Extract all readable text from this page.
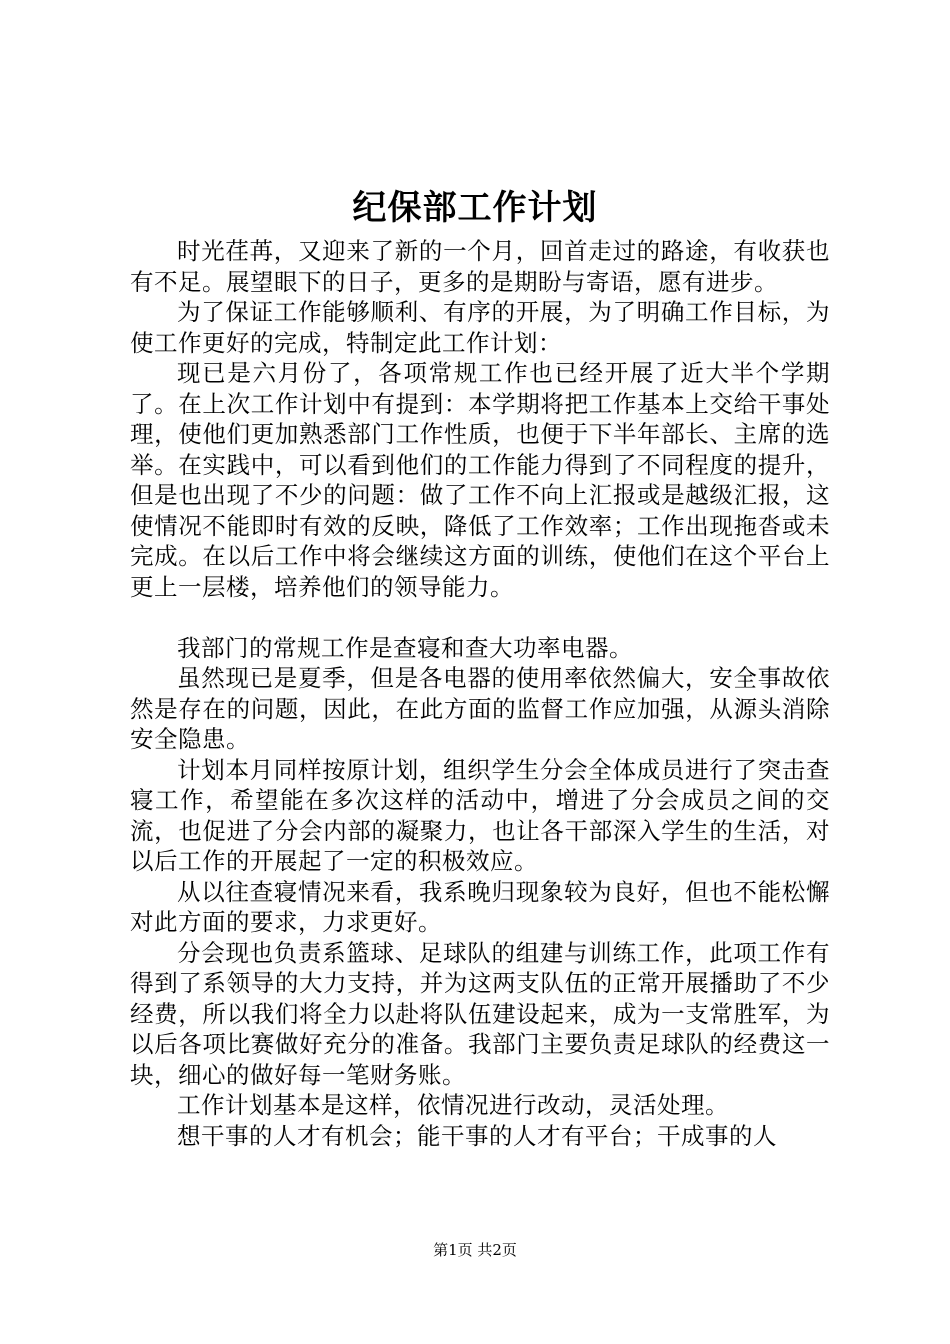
纪保部工作计划

时光荏苒，又迎来了新的一个月，回首走过的路途，有收获也有不足。展望眼下的日子，更多的是期盼与寄语，愿有进步。

为了保证工作能够顺利、有序的开展，为了明确工作目标，为使工作更好的完成，特制定此工作计划：

现已是六月份了，各项常规工作也已经开展了近大半个学期了。在上次工作计划中有提到：本学期将把工作基本上交给干事处理，使他们更加熟悉部门工作性质，也便于下半年部长、主席的选举。在实践中，可以看到他们的工作能力得到了不同程度的提升，但是也出现了不少的问题：做了工作不向上汇报或是越级汇报，这使情况不能即时有效的反映，降低了工作效率；工作出现拖沓或未完成。在以后工作中将会继续这方面的训练，使他们在这个平台上更上一层楼，培养他们的领导能力。

我部门的常规工作是查寝和查大功率电器。

虽然现已是夏季，但是各电器的使用率依然偏大，安全事故依然是存在的问题，因此，在此方面的监督工作应加强，从源头消除安全隐患。

计划本月同样按原计划，组织学生分会全体成员进行了突击查寝工作，希望能在多次这样的活动中，增进了分会成员之间的交流，也促进了分会内部的凝聚力，也让各干部深入学生的生活，对以后工作的开展起了一定的积极效应。

从以往查寝情况来看，我系晚归现象较为良好，但也不能松懈对此方面的要求，力求更好。

分会现也负责系篮球、足球队的组建与训练工作，此项工作有得到了系领导的大力支持，并为这两支队伍的正常开展播助了不少经费，所以我们将全力以赴将队伍建设起来，成为一支常胜军，为以后各项比赛做好充分的准备。我部门主要负责足球队的经费这一块，细心的做好每一笔财务账。

工作计划基本是这样，依情况进行改动，灵活处理。

想干事的人才有机会；能干事的人才有平台；干成事的人

第1页 共2页
